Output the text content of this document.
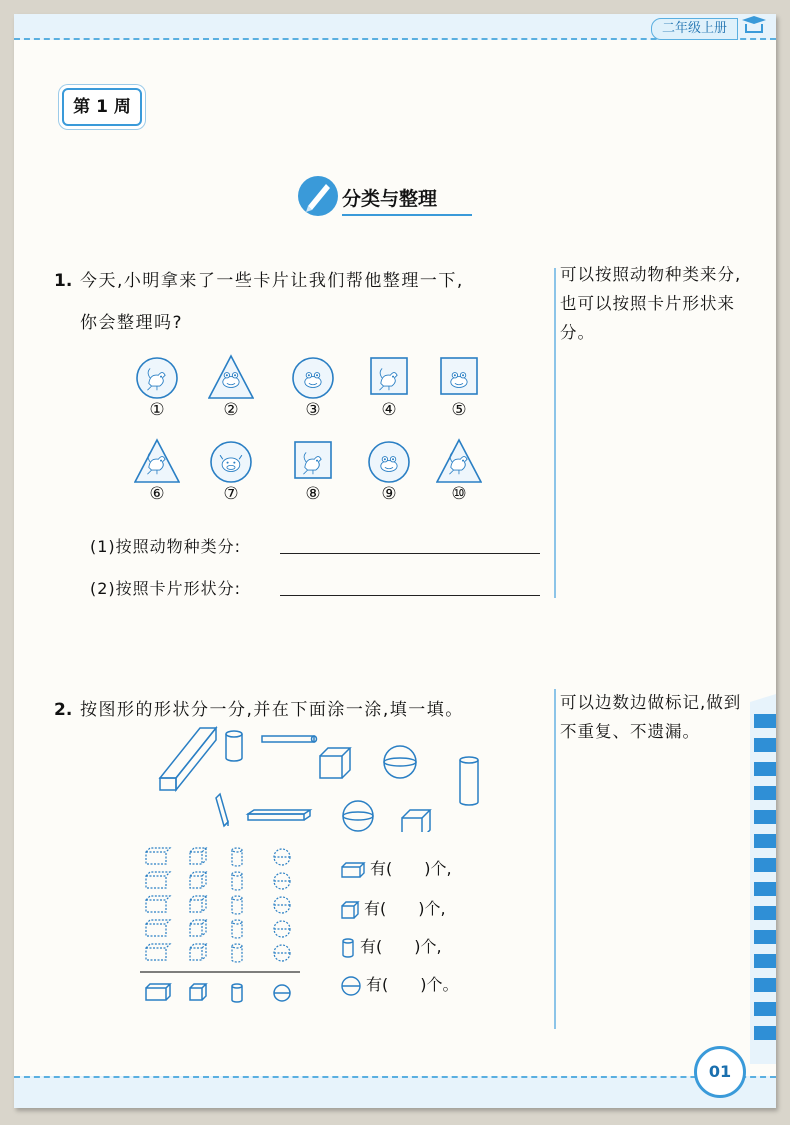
二年级上册
第 1 周
分类与整理
可以按照动物种类来分,也可以按照卡片形状来分。
可以边数边做标记,做到不重复、不遗漏。
1. 今天,小明拿来了一些卡片让我们帮他整理一下,
你会整理吗?
①	②	③	④	⑤
⑥	⑦	⑧	⑨	⑩
(1)按照动物种类分:
(2)按照卡片形状分:
2. 按图形的形状分一分,并在下面涂一涂,填一填。
有(　　)个,
有(　　)个,
有(　　)个,
有(　　)个。
01
